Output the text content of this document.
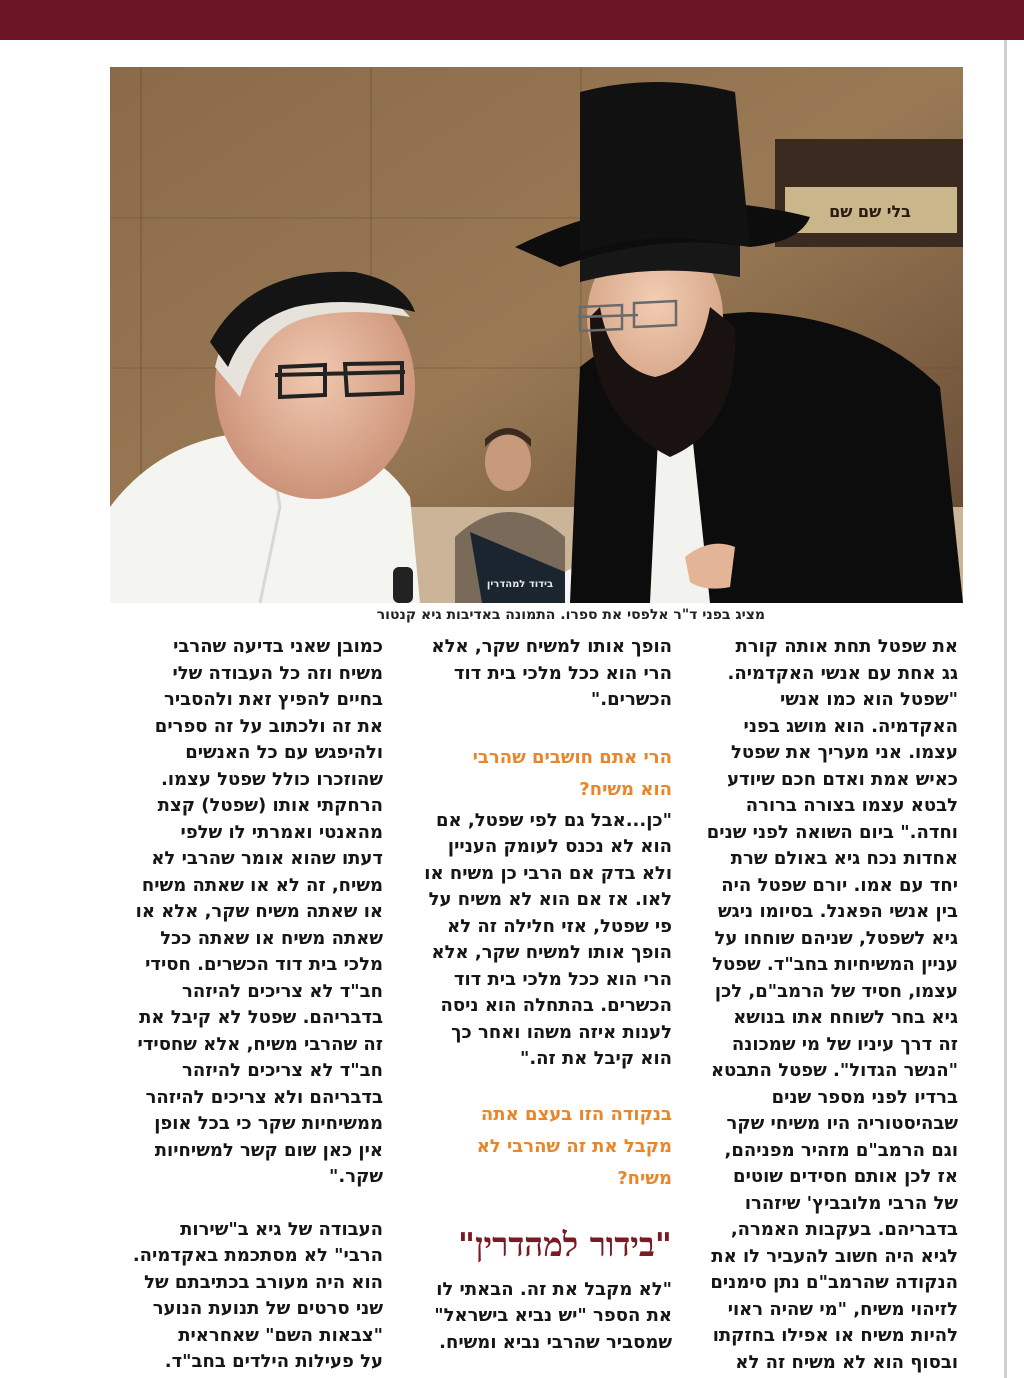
בלי שם שם
בידוד למהדרין
מציג בפני ד"ר אלפסי את ספרו. התמונה באדיבות גיא קנטור

את שפטל תחת אותה קורת
גג אחת עם אנשי האקדמיה.
"שפטל הוא כמו אנשי
האקדמיה. הוא מושג בפני
עצמו. אני מעריך את שפטל
כאיש אמת ואדם חכם שיודע
לבטא עצמו בצורה ברורה
וחדה." ביום השואה לפני שנים
אחדות נכח גיא באולם שרת
יחד עם אמו. יורם שפטל היה
בין אנשי הפאנל. בסיומו ניגש
גיא לשפטל, שניהם שוחחו על
עניין המשיחיות בחב"ד. שפטל
עצמו, חסיד של הרמב"ם, לכן
גיא בחר לשוחח אתו בנושא
זה דרך עיניו של מי שמכונה
"הנשר הגדול". שפטל התבטא
ברדיו לפני מספר שנים
שבהיסטוריה היו משיחי שקר
וגם הרמב"ם מזהיר מפניהם,
אז לכן אותם חסידים שוטים
של הרבי מלובביץ' שיזהרו
בדבריהם. בעקבות האמרה,
לגיא היה חשוב להעביר לו את
הנקודה שהרמב"ם נתן סימנים
לזיהוי משיח, "מי שהיה ראוי
להיות משיח או אפילו בחזקתו
ובסוף הוא לא משיח זה לא

הופך אותו למשיח שקר, אלא
הרי הוא ככל מלכי בית דוד
הכשרים."

הרי אתם חושבים שהרבי
הוא משיח?

"כן...אבל גם לפי שפטל, אם
הוא לא נכנס לעומק העניין
ולא בדק אם הרבי כן משיח או
לאו. אז אם הוא לא משיח על
פי שפטל, אזי חלילה זה לא
הופך אותו למשיח שקר, אלא
הרי הוא ככל מלכי בית דוד
הכשרים. בהתחלה הוא ניסה
לענות איזה משהו ואחר כך
הוא קיבל את זה."

בנקודה הזו בעצם אתה
מקבל את זה שהרבי לא
משיח?

"בידור למהדרין"

"לא מקבל את זה. הבאתי לו
את הספר "יש נביא בישראל"
שמסביר שהרבי נביא ומשיח.

כמובן שאני בדיעה שהרבי
משיח וזה כל העבודה שלי
בחיים להפיץ זאת ולהסביר
את זה ולכתוב על זה ספרים
ולהיפגש עם כל האנשים
שהוזכרו כולל שפטל עצמו.
הרחקתי אותו (שפטל) קצת
מהאנטי ואמרתי לו שלפי
דעתו שהוא אומר שהרבי לא
משיח, זה לא או שאתה משיח
או שאתה משיח שקר, אלא או
שאתה משיח או שאתה ככל
מלכי בית דוד הכשרים. חסידי
חב"ד לא צריכים להיזהר
בדבריהם. שפטל לא קיבל את
זה שהרבי משיח, אלא שחסידי
חב"ד לא צריכים להיזהר
בדבריהם ולא צריכים להיזהר
ממשיחיות שקר כי בכל אופן
אין כאן שום קשר למשיחיות
שקר."

העבודה של גיא ב"שירות
הרבי" לא מסתכמת באקדמיה.
הוא היה מעורב בכתיבתם של
שני סרטים של תנועת הנוער
"צבאות השם" שאחראית
על פעילות הילדים בחב"ד.
